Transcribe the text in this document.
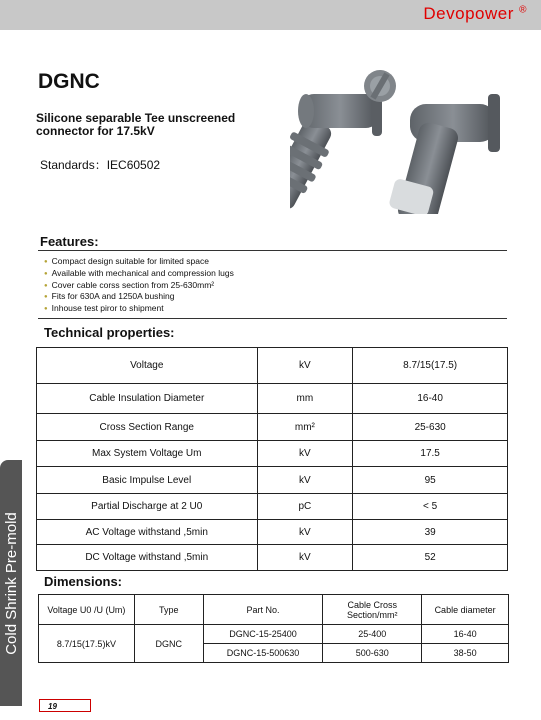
Devopower ®
DGNC
Silicone separable Tee unscreened connector for 17.5kV
Standards：IEC60502
Features:
● Compact design suitable for limited space
● Available with mechanical and compression lugs
● Cover cable corss section from 25-630mm²
● Fits for 630A and 1250A bushing
● Inhouse test piror to shipment
Technical properties:
Voltage	kV	8.7/15(17.5)
Cable Insulation Diameter	mm	16-40
Cross Section Range	mm²	25-630
Max System Voltage Um	kV	17.5
Basic Impulse Level	kV	95
Partial Discharge at 2 U0	pC	< 5
AC Voltage withstand ,5min	kV	39
DC Voltage withstand ,5min	kV	52
Dimensions:
Voltage U0 /U (Um)	Type	Part No.	Cable Cross Section/mm²	Cable diameter
8.7/15(17.5)kV	DGNC	DGNC-15-25400	25-400	16-40
		DGNC-15-500630	500-630	38-50
Cold Shrink Pre-mold
19
